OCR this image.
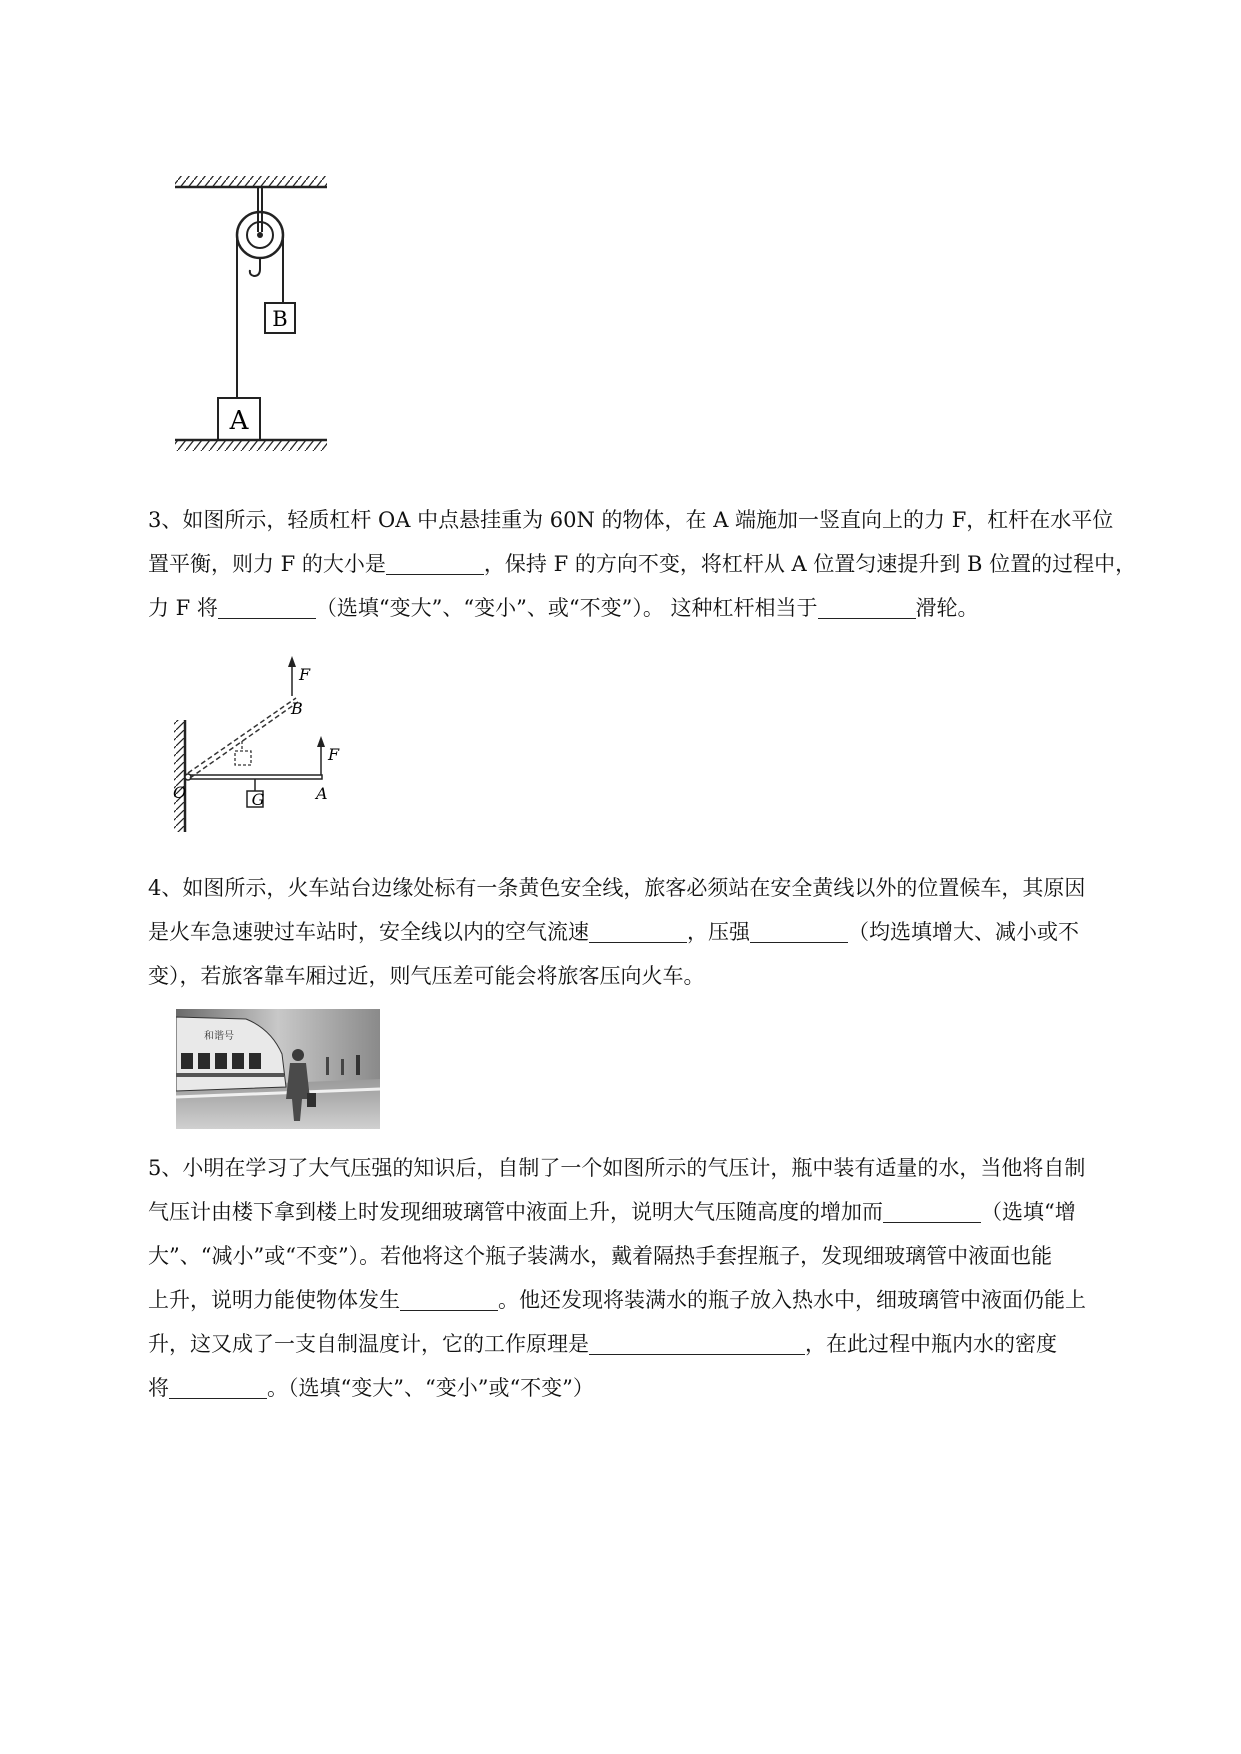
B
A
3、如图所示，轻质杠杆 OA 中点悬挂重为 60N 的物体，在 A 端施加一竖直向上的力 F，杠杆在水平位
置平衡，则力 F 的大小是	，保持 F 的方向不变，将杠杆从 A 位置匀速提升到 B 位置的过程中，
力 F 将	（选填“变大”、“变小”、或“不变”）。 这种杠杆相当于	滑轮。
G
F
A
F
B
O
4、如图所示，火车站台边缘处标有一条黄色安全线，旅客必须站在安全黄线以外的位置候车，其原因
是火车急速驶过车站时，安全线以内的空气流速	，压强	（均选填增大、减小或不
变），若旅客靠车厢过近，则气压差可能会将旅客压向火车。
和谐号
5、小明在学习了大气压强的知识后，自制了一个如图所示的气压计，瓶中装有适量的水，当他将自制
气压计由楼下拿到楼上时发现细玻璃管中液面上升，说明大气压随高度的增加而	（选填“增
大”、“减小”或“不变”）。若他将这个瓶子装满水，戴着隔热手套捏瓶子，发现细玻璃管中液面也能
上升，说明力能使物体发生	。他还发现将装满水的瓶子放入热水中，细玻璃管中液面仍能上
升，这又成了一支自制温度计，它的工作原理是	，在此过程中瓶内水的密度
将	。（选填“变大”、“变小”或“不变”）
